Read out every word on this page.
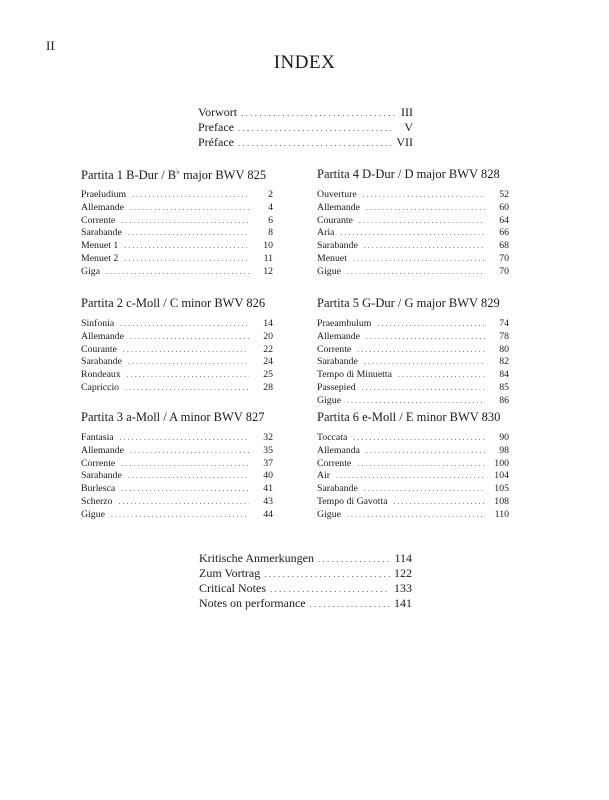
II
INDEX
Vorwort .....	III
Preface .....	V
Préface .....	VII
Partita 1 B-Dur / B♭ major BWV 825
Praeludium .....	2
Allemande .....	4
Corrente .....	6
Sarabande .....	8
Menuet 1 .....	10
Menuet 2 .....	11
Giga .....	12
Partita 2 c-Moll / C minor BWV 826
Sinfonia .....	14
Allemande .....	20
Courante .....	22
Sarabande .....	24
Rondeaux .....	25
Capriccio .....	28
Partita 3 a-Moll / A minor BWV 827
Fantasia .....	32
Allemande .....	35
Corrente .....	37
Sarabande .....	40
Burlesca .....	41
Scherzo .....	43
Gigue .....	44
Partita 4 D-Dur / D major BWV 828
Ouverture .....	52
Allemande .....	60
Courante .....	64
Aria .....	66
Sarabande .....	68
Menuet .....	70
Gigue .....	70
Partita 5 G-Dur / G major BWV 829
Praeambulum .....	74
Allemande .....	78
Corrente .....	80
Sarabande .....	82
Tempo di Minuetta .....	84
Passepied .....	85
Gigue .....	86
Partita 6 e-Moll / E minor BWV 830
Toccata .....	90
Allemanda .....	98
Corrente .....	100
Air .....	104
Sarabande .....	105
Tempo di Gavotta .....	108
Gigue .....	110
Kritische Anmerkungen .....	114
Zum Vortrag .....	122
Critical Notes .....	133
Notes on performance .....	141
